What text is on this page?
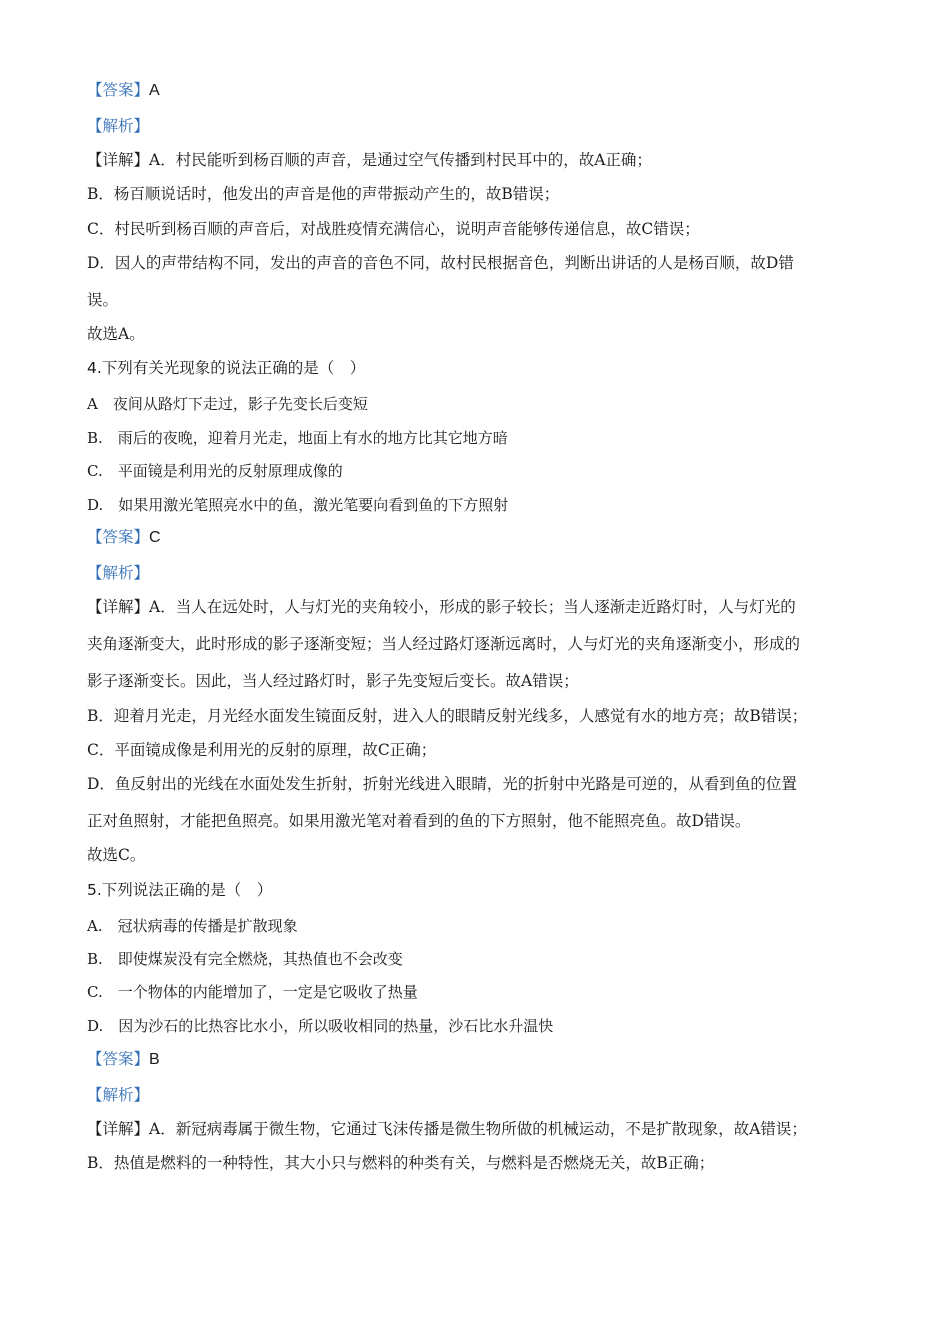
【答案】A
【解析】
【详解】A．村民能听到杨百顺的声音，是通过空气传播到村民耳中的，故A正确；
B．杨百顺说话时，他发出的声音是他的声带振动产生的，故B错误；
C．村民听到杨百顺的声音后，对战胜疫情充满信心，说明声音能够传递信息，故C错误；
D．因人的声带结构不同，发出的声音的音色不同，故村民根据音色，判断出讲话的人是杨百顺，故D错
误。
故选A。
4.下列有关光现象的说法正确的是（　）
A　夜间从路灯下走过，影子先变长后变短
B.　雨后的夜晚，迎着月光走，地面上有水的地方比其它地方暗
C.　平面镜是利用光的反射原理成像的
D.　如果用激光笔照亮水中的鱼，激光笔要向看到鱼的下方照射
【答案】C
【解析】
【详解】A．当人在远处时，人与灯光的夹角较小，形成的影子较长；当人逐渐走近路灯时，人与灯光的
夹角逐渐变大，此时形成的影子逐渐变短；当人经过路灯逐渐远离时，人与灯光的夹角逐渐变小，形成的
影子逐渐变长。因此，当人经过路灯时，影子先变短后变长。故A错误；
B．迎着月光走，月光经水面发生镜面反射，进入人的眼睛反射光线多，人感觉有水的地方亮；故B错误；
C．平面镜成像是利用光的反射的原理，故C正确；
D．鱼反射出的光线在水面处发生折射，折射光线进入眼睛，光的折射中光路是可逆的，从看到鱼的位置
正对鱼照射，才能把鱼照亮。如果用激光笔对着看到的鱼的下方照射，他不能照亮鱼。故D错误。
故选C。
5.下列说法正确的是（　）
A.　冠状病毒的传播是扩散现象
B.　即使煤炭没有完全燃烧，其热值也不会改变
C.　一个物体的内能增加了，一定是它吸收了热量
D.　因为沙石的比热容比水小，所以吸收相同的热量，沙石比水升温快
【答案】B
【解析】
【详解】A．新冠病毒属于微生物，它通过飞沫传播是微生物所做的机械运动，不是扩散现象，故A错误；
B．热值是燃料的一种特性，其大小只与燃料的种类有关，与燃料是否燃烧无关，故B正确；
